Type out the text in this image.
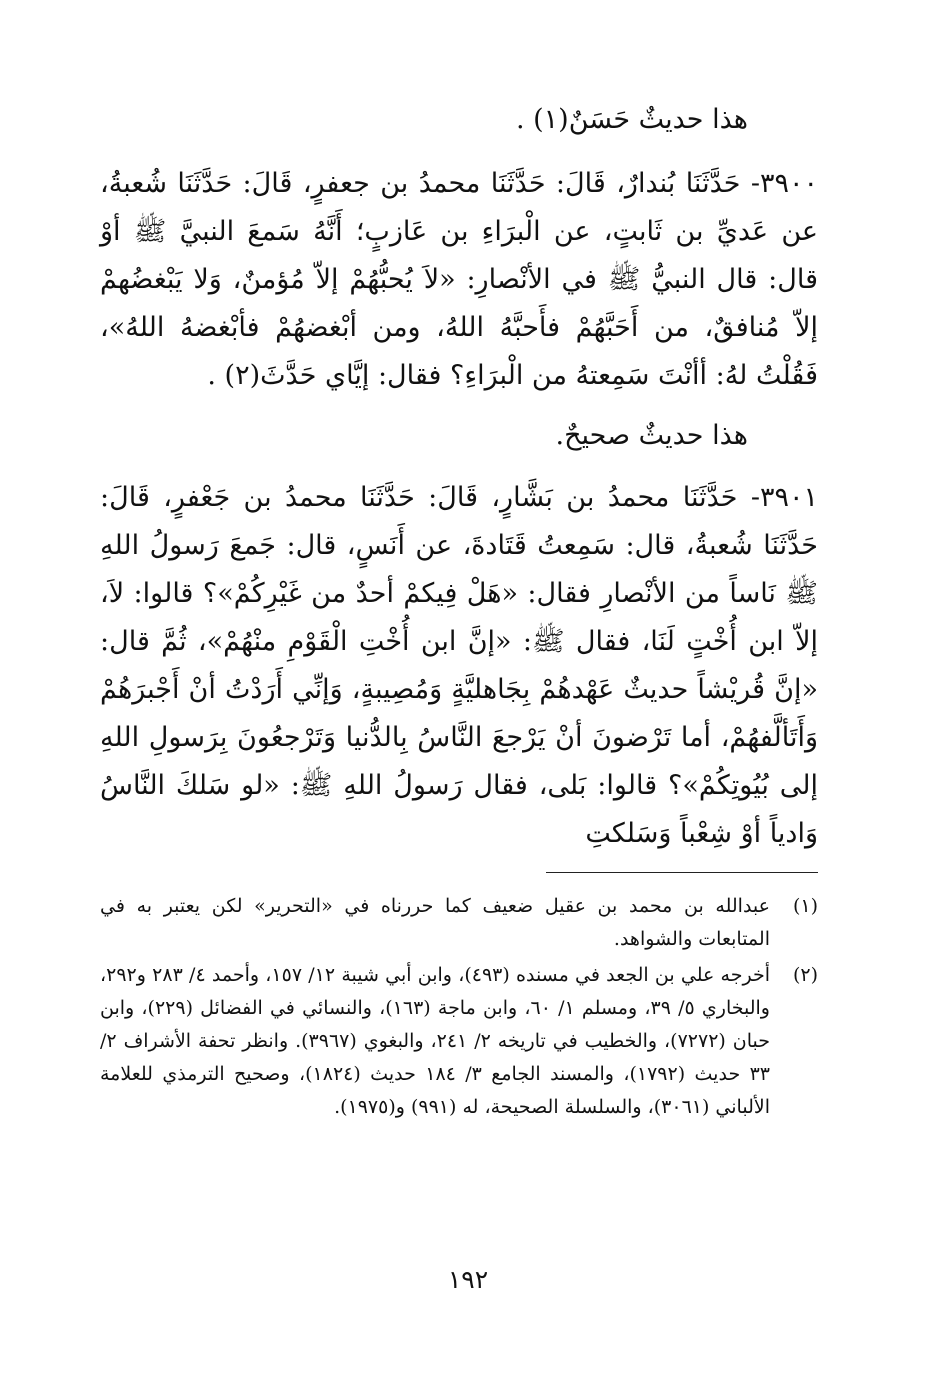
هذا حديثٌ حَسَنٌ(١) .

٣٩٠٠- حَدَّثَنَا بُندارٌ، قَالَ: حَدَّثَنَا محمدُ بن جعفرٍ، قَالَ: حَدَّثَنَا شُعبةُ، عن عَديِّ بن ثَابتٍ، عن الْبرَاءِ بن عَازبٍ؛ أَنَّهُ سَمعَ النبيَّ ﷺ أوْ قال: قال النبيُّ ﷺ في الأنْصارِ: «لاَ يُحبُّهُمْ إلاّ مُؤمنٌ، وَلا يَبْغضُهمْ إلاّ مُنافقٌ، من أَحَبَّهُمْ فأَحبَّهُ اللهُ، ومن أبْغضهُمْ فأبْغضهُ اللهُ»، فَقُلْتُ لهُ: أأنْتَ سَمِعتهُ من الْبرَاءِ؟ فقال: إيَّاي حَدَّثَ(٢) .

هذا حديثٌ صحيحٌ.

٣٩٠١- حَدَّثَنَا محمدُ بن بَشَّارٍ، قَالَ: حَدَّثَنَا محمدُ بن جَعْفرٍ، قَالَ: حَدَّثَنَا شُعبةُ، قال: سَمِعتُ قَتَادةَ، عن أَنَسٍ، قال: جَمعَ رَسولُ اللهِ ﷺ نَاساً من الأنْصارِ فقال: «هَلْ فِيكمْ أحدٌ من غَيْرِكُمْ»؟ قالوا: لاَ، إلاّ ابن أُخْتٍ لَنَا، فقال ﷺ: «إنَّ ابن أُخْتِ الْقَوْمِ منْهُمْ»، ثُمَّ قال: «إنَّ قُريْشاً حديثٌ عَهْدهُمْ بِجَاهليَّةٍ وَمُصِيبةٍ، وَإنِّي أَرَدْتُ أنْ أَجْبرَهُمْ وَأَتَألَّفهُمْ، أما تَرْضونَ أنْ يَرْجعَ النَّاسُ بِالدُّنيا وَتَرْجعُونَ بِرَسولِ اللهِ إلى بُيُوتِكُمْ»؟ قالوا: بَلى، فقال رَسولُ اللهِ ﷺ: «لو سَلكَ النَّاسُ وَادياً أوْ شِعْباً وَسَلكتِ

(١)
عبدالله بن محمد بن عقيل ضعيف كما حررناه في «التحرير» لكن يعتبر به في المتابعات والشواهد.
(٢)
أخرجه علي بن الجعد في مسنده (٤٩٣)، وابن أبي شيبة ١٢/ ١٥٧، وأحمد ٤/ ٢٨٣ و٢٩٢، والبخاري ٥/ ٣٩، ومسلم ١/ ٦٠، وابن ماجة (١٦٣)، والنسائي في الفضائل (٢٢٩)، وابن حبان (٧٢٧٢)، والخطيب في تاريخه ٢/ ٢٤١، والبغوي (٣٩٦٧). وانظر تحفة الأشراف ٢/ ٣٣ حديث (١٧٩٢)، والمسند الجامع ٣/ ١٨٤ حديث (١٨٢٤)، وصحيح الترمذي للعلامة الألباني (٣٠٦١)، والسلسلة الصحيحة، له (٩٩١) و(١٩٧٥).
١٩٢
